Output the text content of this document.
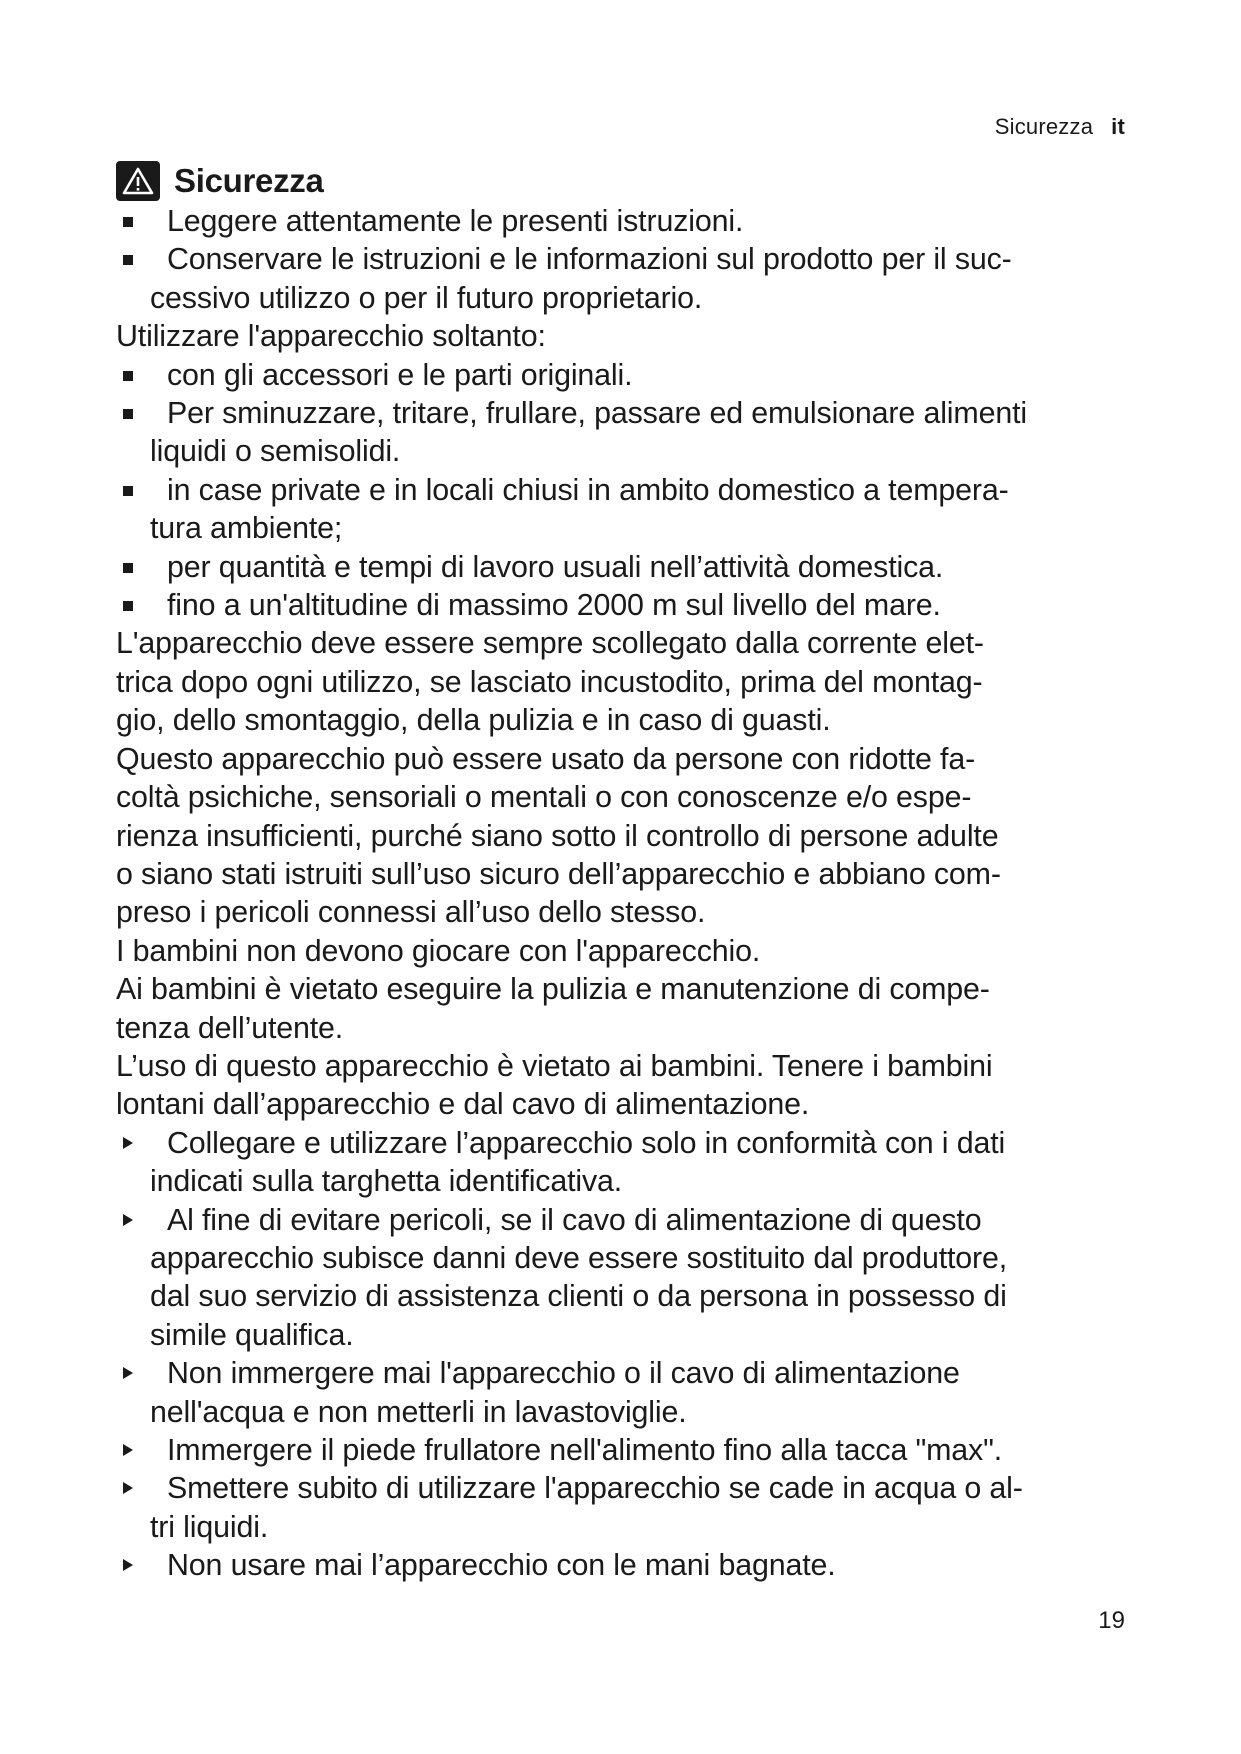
Sicurezza it
Sicurezza
Leggere attentamente le presenti istruzioni.
Conservare le istruzioni e le informazioni sul prodotto per il suc-
cessivo utilizzo o per il futuro proprietario.
Utilizzare l'apparecchio soltanto:
con gli accessori e le parti originali.
Per sminuzzare, tritare, frullare, passare ed emulsionare alimenti
liquidi o semisolidi.
in case private e in locali chiusi in ambito domestico a tempera-
tura ambiente;
per quantità e tempi di lavoro usuali nell’attività domestica.
fino a un'altitudine di massimo 2000 m sul livello del mare.
L'apparecchio deve essere sempre scollegato dalla corrente elet-
trica dopo ogni utilizzo, se lasciato incustodito, prima del montag-
gio, dello smontaggio, della pulizia e in caso di guasti.
Questo apparecchio può essere usato da persone con ridotte fa-
coltà psichiche, sensoriali o mentali o con conoscenze e/o espe-
rienza insufficienti, purché siano sotto il controllo di persone adulte
o siano stati istruiti sull’uso sicuro dell’apparecchio e abbiano com-
preso i pericoli connessi all’uso dello stesso.
I bambini non devono giocare con l'apparecchio.
Ai bambini è vietato eseguire la pulizia e manutenzione di compe-
tenza dell’utente.
L’uso di questo apparecchio è vietato ai bambini. Tenere i bambini
lontani dall’apparecchio e dal cavo di alimentazione.
Collegare e utilizzare l’apparecchio solo in conformità con i dati
indicati sulla targhetta identificativa.
Al fine di evitare pericoli, se il cavo di alimentazione di questo
apparecchio subisce danni deve essere sostituito dal produttore,
dal suo servizio di assistenza clienti o da persona in possesso di
simile qualifica.
Non immergere mai l'apparecchio o il cavo di alimentazione
nell'acqua e non metterli in lavastoviglie.
Immergere il piede frullatore nell'alimento fino alla tacca "max".
Smettere subito di utilizzare l'apparecchio se cade in acqua o al-
tri liquidi.
Non usare mai l’apparecchio con le mani bagnate.
19
